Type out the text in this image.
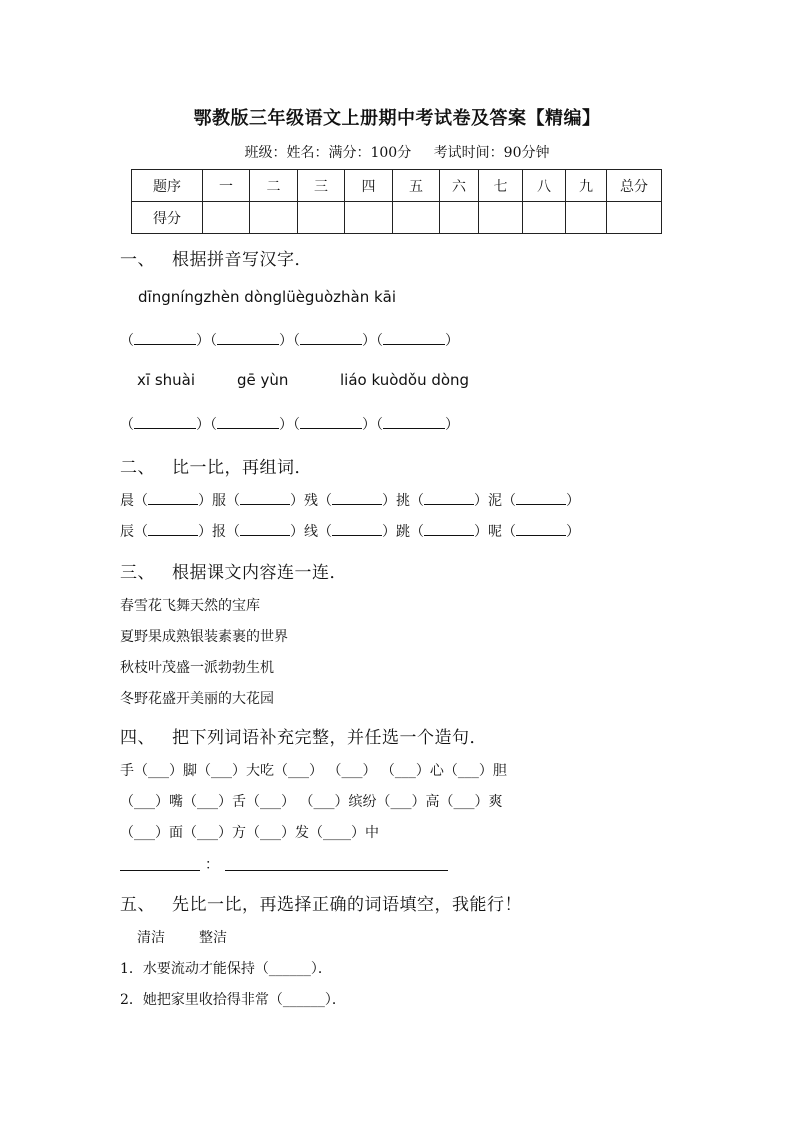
鄂教版三年级语文上册期中考试卷及答案【精编】
班级：姓名：满分：100分 考试时间：90分钟
题序	一	二	三	四	五	六	七	八	九	总分
得分										
一、 根据拼音写汉字．
dīngníngzhèn dònglüèguòzhàn kāi
（	）（	）（	）（	）
xī shuài	gē yùn	liáo kuòdǒu dòng
（	）（	）（	）（	）
二、 比一比，再组词．
晨（	）服（	）残（	）挑（	）泥（	）
辰（	）报（	）线（	）跳（	）呢（	）
三、 根据课文内容连一连．
春雪花飞舞天然的宝库
夏野果成熟银装素裹的世界
秋枝叶茂盛一派勃勃生机
冬野花盛开美丽的大花园
四、 把下列词语补充完整，并任选一个造句．
手（___）脚（___）大吃（___） （___） （___）心（___）胆
（___）嘴（___）舌（___） （___）缤纷（___）高（___）爽
（___）面（___）方（___）发（____）中
：
五、 先比一比，再选择正确的词语填空，我能行！
清洁 整洁
1．水要流动才能保持（______）．
2．她把家里收拾得非常（______）．
